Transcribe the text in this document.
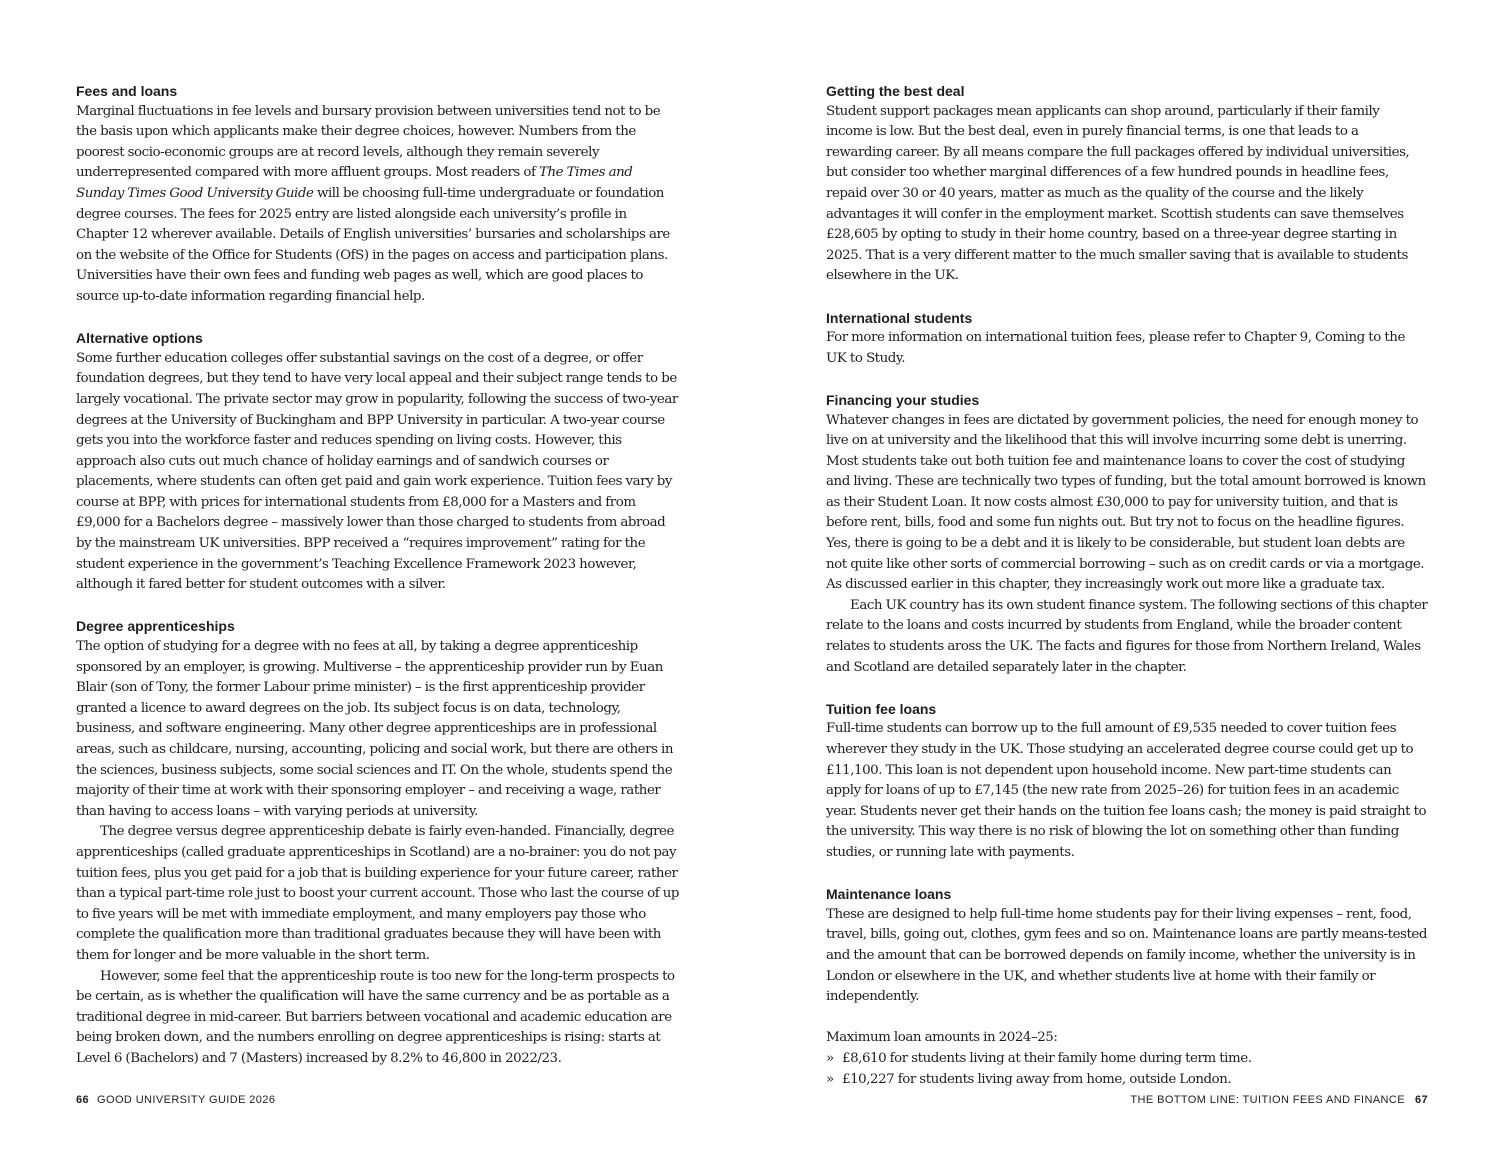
Fees and loans

Marginal fluctuations in fee levels and bursary provision between universities tend not to be the basis upon which applicants make their degree choices, however. Numbers from the poorest socio-economic groups are at record levels, although they remain severely underrepresented compared with more affluent groups. Most readers of The Times and Sunday Times Good University Guide will be choosing full-time undergraduate or foundation degree courses. The fees for 2025 entry are listed alongside each university’s profile in Chapter 12 wherever available. Details of English universities’ bursaries and scholarships are on the website of the Office for Students (OfS) in the pages on access and participation plans. Universities have their own fees and funding web pages as well, which are good places to source up-to-date information regarding financial help.

Alternative options

Some further education colleges offer substantial savings on the cost of a degree, or offer foundation degrees, but they tend to have very local appeal and their subject range tends to be largely vocational. The private sector may grow in popularity, following the success of two-year degrees at the University of Buckingham and BPP University in particular. A two-year course gets you into the workforce faster and reduces spending on living costs. However, this approach also cuts out much chance of holiday earnings and of sandwich courses or placements, where students can often get paid and gain work experience. Tuition fees vary by course at BPP, with prices for international students from £8,000 for a Masters and from £9,000 for a Bachelors degree – massively lower than those charged to students from abroad by the mainstream UK universities. BPP received a “requires improvement” rating for the student experience in the government’s Teaching Excellence Framework 2023 however, although it fared better for student outcomes with a silver.

Degree apprenticeships

The option of studying for a degree with no fees at all, by taking a degree apprenticeship sponsored by an employer, is growing. Multiverse – the apprenticeship provider run by Euan Blair (son of Tony, the former Labour prime minister) – is the first apprenticeship provider granted a licence to award degrees on the job. Its subject focus is on data, technology, business, and software engineering. Many other degree apprenticeships are in professional areas, such as childcare, nursing, accounting, policing and social work, but there are others in the sciences, business subjects, some social sciences and IT. On the whole, students spend the majority of their time at work with their sponsoring employer – and receiving a wage, rather than having to access loans – with varying periods at university.

The degree versus degree apprenticeship debate is fairly even-handed. Financially, degree apprenticeships (called graduate apprenticeships in Scotland) are a no-brainer: you do not pay tuition fees, plus you get paid for a job that is building experience for your future career, rather than a typical part-time role just to boost your current account. Those who last the course of up to five years will be met with immediate employment, and many employers pay those who complete the qualification more than traditional graduates because they will have been with them for longer and be more valuable in the short term.

However, some feel that the apprenticeship route is too new for the long-term prospects to be certain, as is whether the qualification will have the same currency and be as portable as a traditional degree in mid-career. But barriers between vocational and academic education are being broken down, and the numbers enrolling on degree apprenticeships is rising: starts at Level 6 (Bachelors) and 7 (Masters) increased by 8.2% to 46,800 in 2022/23.

66 GOOD UNIVERSITY GUIDE 2026
Getting the best deal

Student support packages mean applicants can shop around, particularly if their family income is low. But the best deal, even in purely financial terms, is one that leads to a rewarding career. By all means compare the full packages offered by individual universities, but consider too whether marginal differences of a few hundred pounds in headline fees, repaid over 30 or 40 years, matter as much as the quality of the course and the likely advantages it will confer in the employment market. Scottish students can save themselves £28,605 by opting to study in their home country, based on a three-year degree starting in 2025. That is a very different matter to the much smaller saving that is available to students elsewhere in the UK.

International students

For more information on international tuition fees, please refer to Chapter 9, Coming to the UK to Study.

Financing your studies

Whatever changes in fees are dictated by government policies, the need for enough money to live on at university and the likelihood that this will involve incurring some debt is unerring. Most students take out both tuition fee and maintenance loans to cover the cost of studying and living. These are technically two types of funding, but the total amount borrowed is known as their Student Loan. It now costs almost £30,000 to pay for university tuition, and that is before rent, bills, food and some fun nights out. But try not to focus on the headline figures. Yes, there is going to be a debt and it is likely to be considerable, but student loan debts are not quite like other sorts of commercial borrowing – such as on credit cards or via a mortgage. As discussed earlier in this chapter, they increasingly work out more like a graduate tax.

Each UK country has its own student finance system. The following sections of this chapter relate to the loans and costs incurred by students from England, while the broader content relates to students aross the UK. The facts and figures for those from Northern Ireland, Wales and Scotland are detailed separately later in the chapter.

Tuition fee loans

Full-time students can borrow up to the full amount of £9,535 needed to cover tuition fees wherever they study in the UK. Those studying an accelerated degree course could get up to £11,100. This loan is not dependent upon household income. New part-time students can apply for loans of up to £7,145 (the new rate from 2025–26) for tuition fees in an academic year. Students never get their hands on the tuition fee loans cash; the money is paid straight to the university. This way there is no risk of blowing the lot on something other than funding studies, or running late with payments.

Maintenance loans

These are designed to help full-time home students pay for their living expenses – rent, food, travel, bills, going out, clothes, gym fees and so on. Maintenance loans are partly means-tested and the amount that can be borrowed depends on family income, whether the university is in London or elsewhere in the UK, and whether students live at home with their family or independently.

Maximum loan amounts in 2024–25:

» £8,610 for students living at their family home during term time.
» £10,227 for students living away from home, outside London.
THE BOTTOM LINE: TUITION FEES AND FINANCE 67
